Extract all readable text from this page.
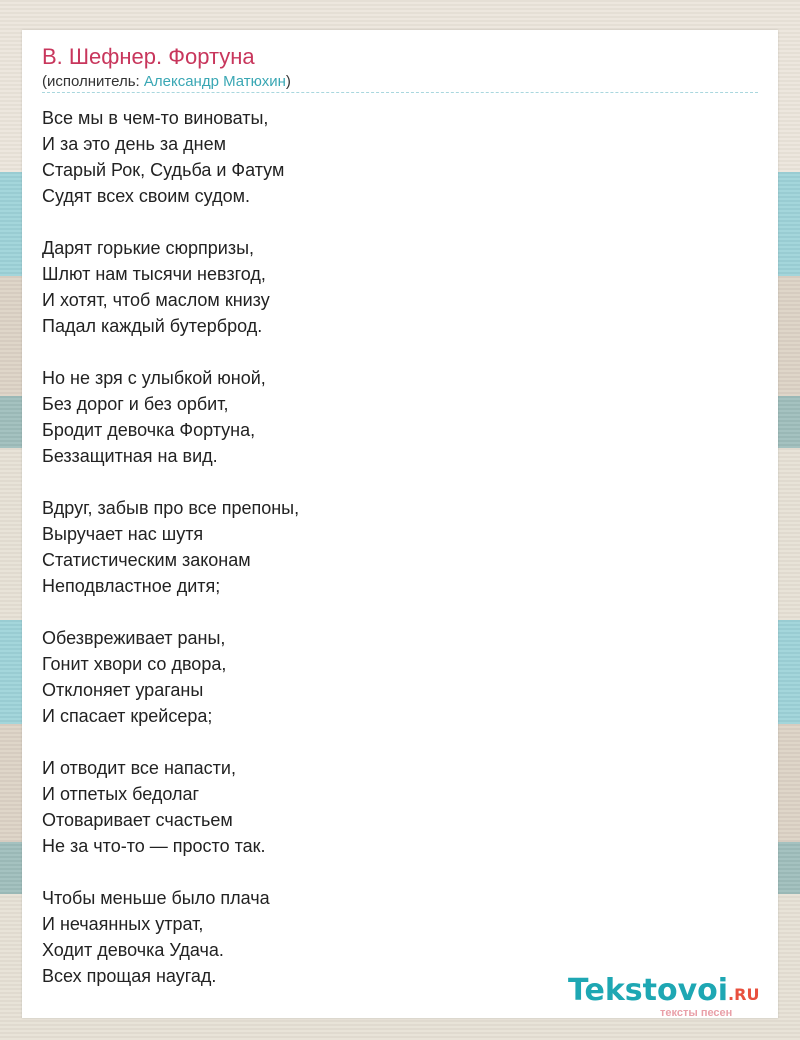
В. Шефнер. Фортуна
(исполнитель: Александр Матюхин)
Все мы в чем-то виноваты,
И за это день за днем
Старый Рок, Судьба и Фатум
Судят всех своим судом.
Дарят горькие сюрпризы,
Шлют нам тысячи невзгод,
И хотят, чтоб маслом книзу
Падал каждый бутерброд.
Но не зря с улыбкой юной,
Без дорог и без орбит,
Бродит девочка Фортуна,
Беззащитная на вид.
Вдруг, забыв про все препоны,
Выручает нас шутя
Статистическим законам
Неподвластное дитя;
Обезвреживает раны,
Гонит хвори со двора,
Отклоняет ураганы
И спасает крейсера;
И отводит все напасти,
И отпетых бедолаг
Отоваривает счастьем
Не за что-то — просто так.
Чтобы меньше было плача
И нечаянных утрат,
Ходит девочка Удача.
Всех прощая наугад.	Tekstovoi.RU
тексты песен
